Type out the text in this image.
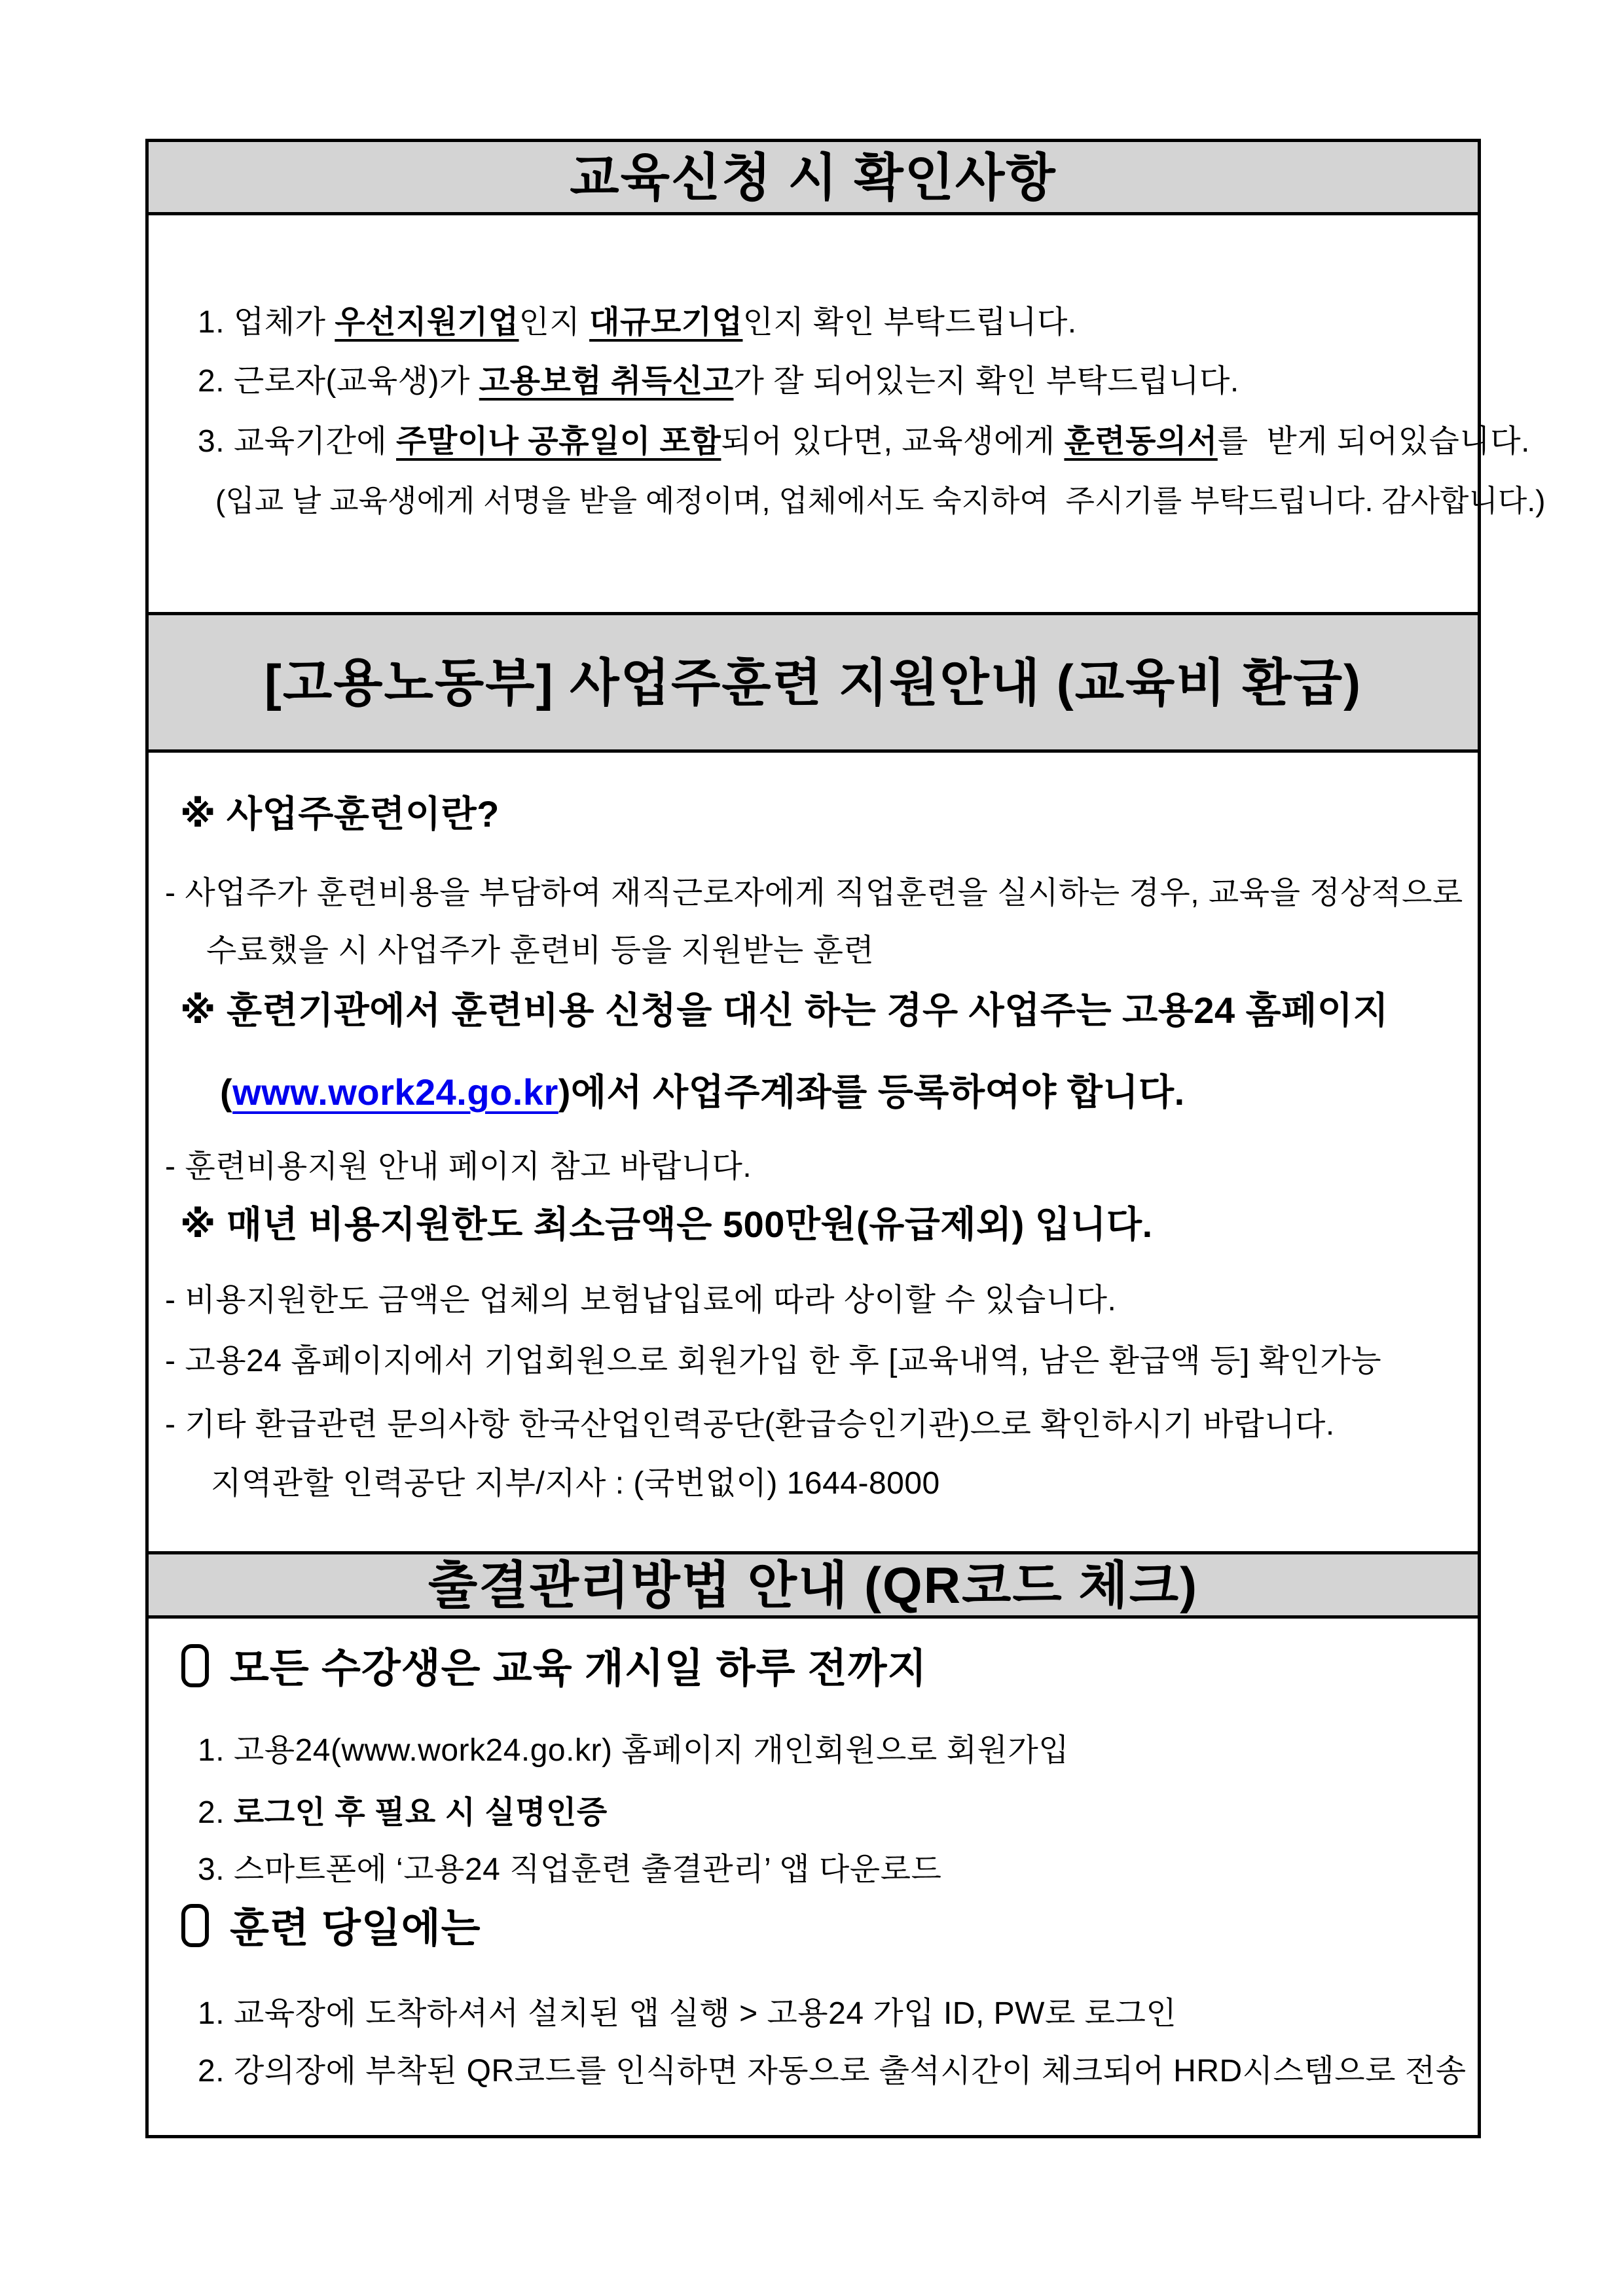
교육신청 시 확인사항
[고용노동부] 사업주훈련 지원안내 (교육비 환급)
출결관리방법 안내 (QR코드 체크)
1. 업체가 우선지원기업인지 대규모기업인지 확인 부탁드립니다.
2. 근로자(교육생)가 고용보험 취득신고가 잘 되어있는지 확인 부탁드립니다.
3. 교육기간에 주말이나 공휴일이 포함되어 있다면, 교육생에게 훈련동의서를  받게 되어있습니다.
(입교 날 교육생에게 서명을 받을 예정이며, 업체에서도 숙지하여  주시기를 부탁드립니다. 감사합니다.)
※ 사업주훈련이란?
- 사업주가 훈련비용을 부담하여 재직근로자에게 직업훈련을 실시하는 경우, 교육을 정상적으로
수료했을 시 사업주가 훈련비 등을 지원받는 훈련
※ 훈련기관에서 훈련비용 신청을 대신 하는 경우 사업주는 고용24 홈페이지
(www.work24.go.kr)에서 사업주계좌를 등록하여야 합니다.
- 훈련비용지원 안내 페이지 참고 바랍니다.
※ 매년 비용지원한도 최소금액은 500만원(유급제외) 입니다.
- 비용지원한도 금액은 업체의 보험납입료에 따라 상이할 수 있습니다.
- 고용24 홈페이지에서 기업회원으로 회원가입 한 후 [교육내역, 남은 환급액 등] 확인가능
- 기타 환급관련 문의사항 한국산업인력공단(환급승인기관)으로 확인하시기 바랍니다.
지역관할 인력공단 지부/지사 : (국번없이) 1644-8000
모든 수강생은 교육 개시일 하루 전까지
1. 고용24(www.work24.go.kr) 홈페이지 개인회원으로 회원가입
2. 로그인 후 필요 시 실명인증
3. 스마트폰에 ‘고용24 직업훈련 출결관리’ 앱 다운로드
훈련 당일에는
1. 교육장에 도착하셔서 설치된 앱 실행 > 고용24 가입 ID, PW로 로그인
2. 강의장에 부착된 QR코드를 인식하면 자동으로 출석시간이 체크되어 HRD시스템으로 전송
